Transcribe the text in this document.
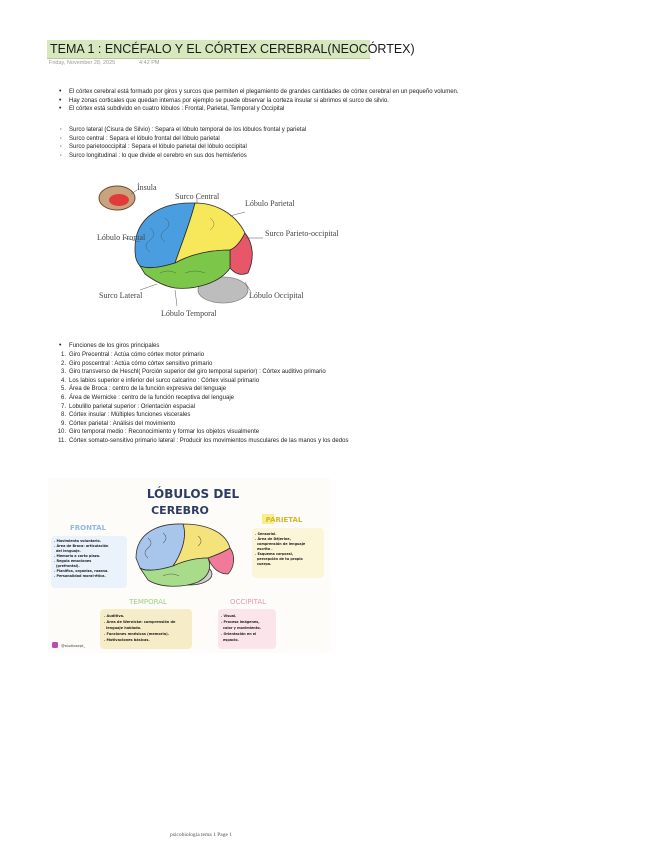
TEMA 1 : ENCÉFALO Y EL CÓRTEX CEREBRAL(NEOCÓRTEX)
Friday, November 28, 2025	4:42 PM
• El córtex cerebral está formado por giros y surcos que permiten el plegamiento de grandes cantidades de córtex cerebral en un pequeño volumen.
• Hay zonas corticales que quedan internas por ejemplo se puede observar la corteza insular si abrimos el surco de silvio.
• El córtex está subdivido en cuatro lóbulos : Frontal, Parietal, Temporal y Occipital
· Surco lateral (Cisura de Silvio) : Separa el lóbulo temporal de los lóbulos frontal y parietal
· Surco central : Separa el lóbulo frontal del lóbulo parietal
· Surco parietooccipital : Separa el lóbulo parietal del lóbulo occipital
· Surco longitudinal : lo que divide el cerebro en sus dos hemisferios
Ínsula
Surco Central
Lóbulo Parietal
Surco Parieto-occipital
Lóbulo Frontal
Surco Lateral
Lóbulo Temporal
Lóbulo Occipital
• Funciones de los giros principales
1. Giro Precentral : Actúa cómo córtex motor primario
2. Giro poscentral : Actúa cómo córtex sensitivo primario
3. Giro transverso de Heschl( Porción superior del giro temporal superior) : Córtex auditivo primario
4. Los labios superior e inferior del surco calcarino : Córtex visual primario
5. Área de Broca : centro de la función expresiva del lenguaje
6. Área de Wernicke : centro de la función receptiva del lenguaje
7. Lobulillo parietal superior : Orientación espacial
8. Córtex insular : Múltiples funciones viscerales
9. Córtex parietal : Análisis del movimiento
10. Giro temporal medio : Reconocimiento y formar los objetos visualmente
11. Córtex somato-sensitivo primario lateral : Producir los movimientos musculares de las manos y los dedos
LÓBULOS DEL
CEREBRO
FRONTAL
. Movimiento voluntario.
. Área de Broca: articulación
del lenguaje.
. Memoria a corto plazo.
. Regula emociones
(prefrontal).
. Planifica, organiza, razona.
. Personalidad moral-ética.
PARIETAL
. Sensorial.
. Área de Déjerine,
comprensión de lenguaje
escrito .
. Esquema corporal,
percepción de tu propio
cuerpo.
TEMPORAL
. Auditiva.
. Área de Wernicke: comprensión de
lenguaje hablado.
. Funciones mnésicas (memoria).
. Motivaciones básicas.
OCCIPITAL
. Visual.
. Procesa imágenes,
color y movimiento.
. Orientación en el
espacio.
@studiosept_
psicobiologia tema 1 Page 1
